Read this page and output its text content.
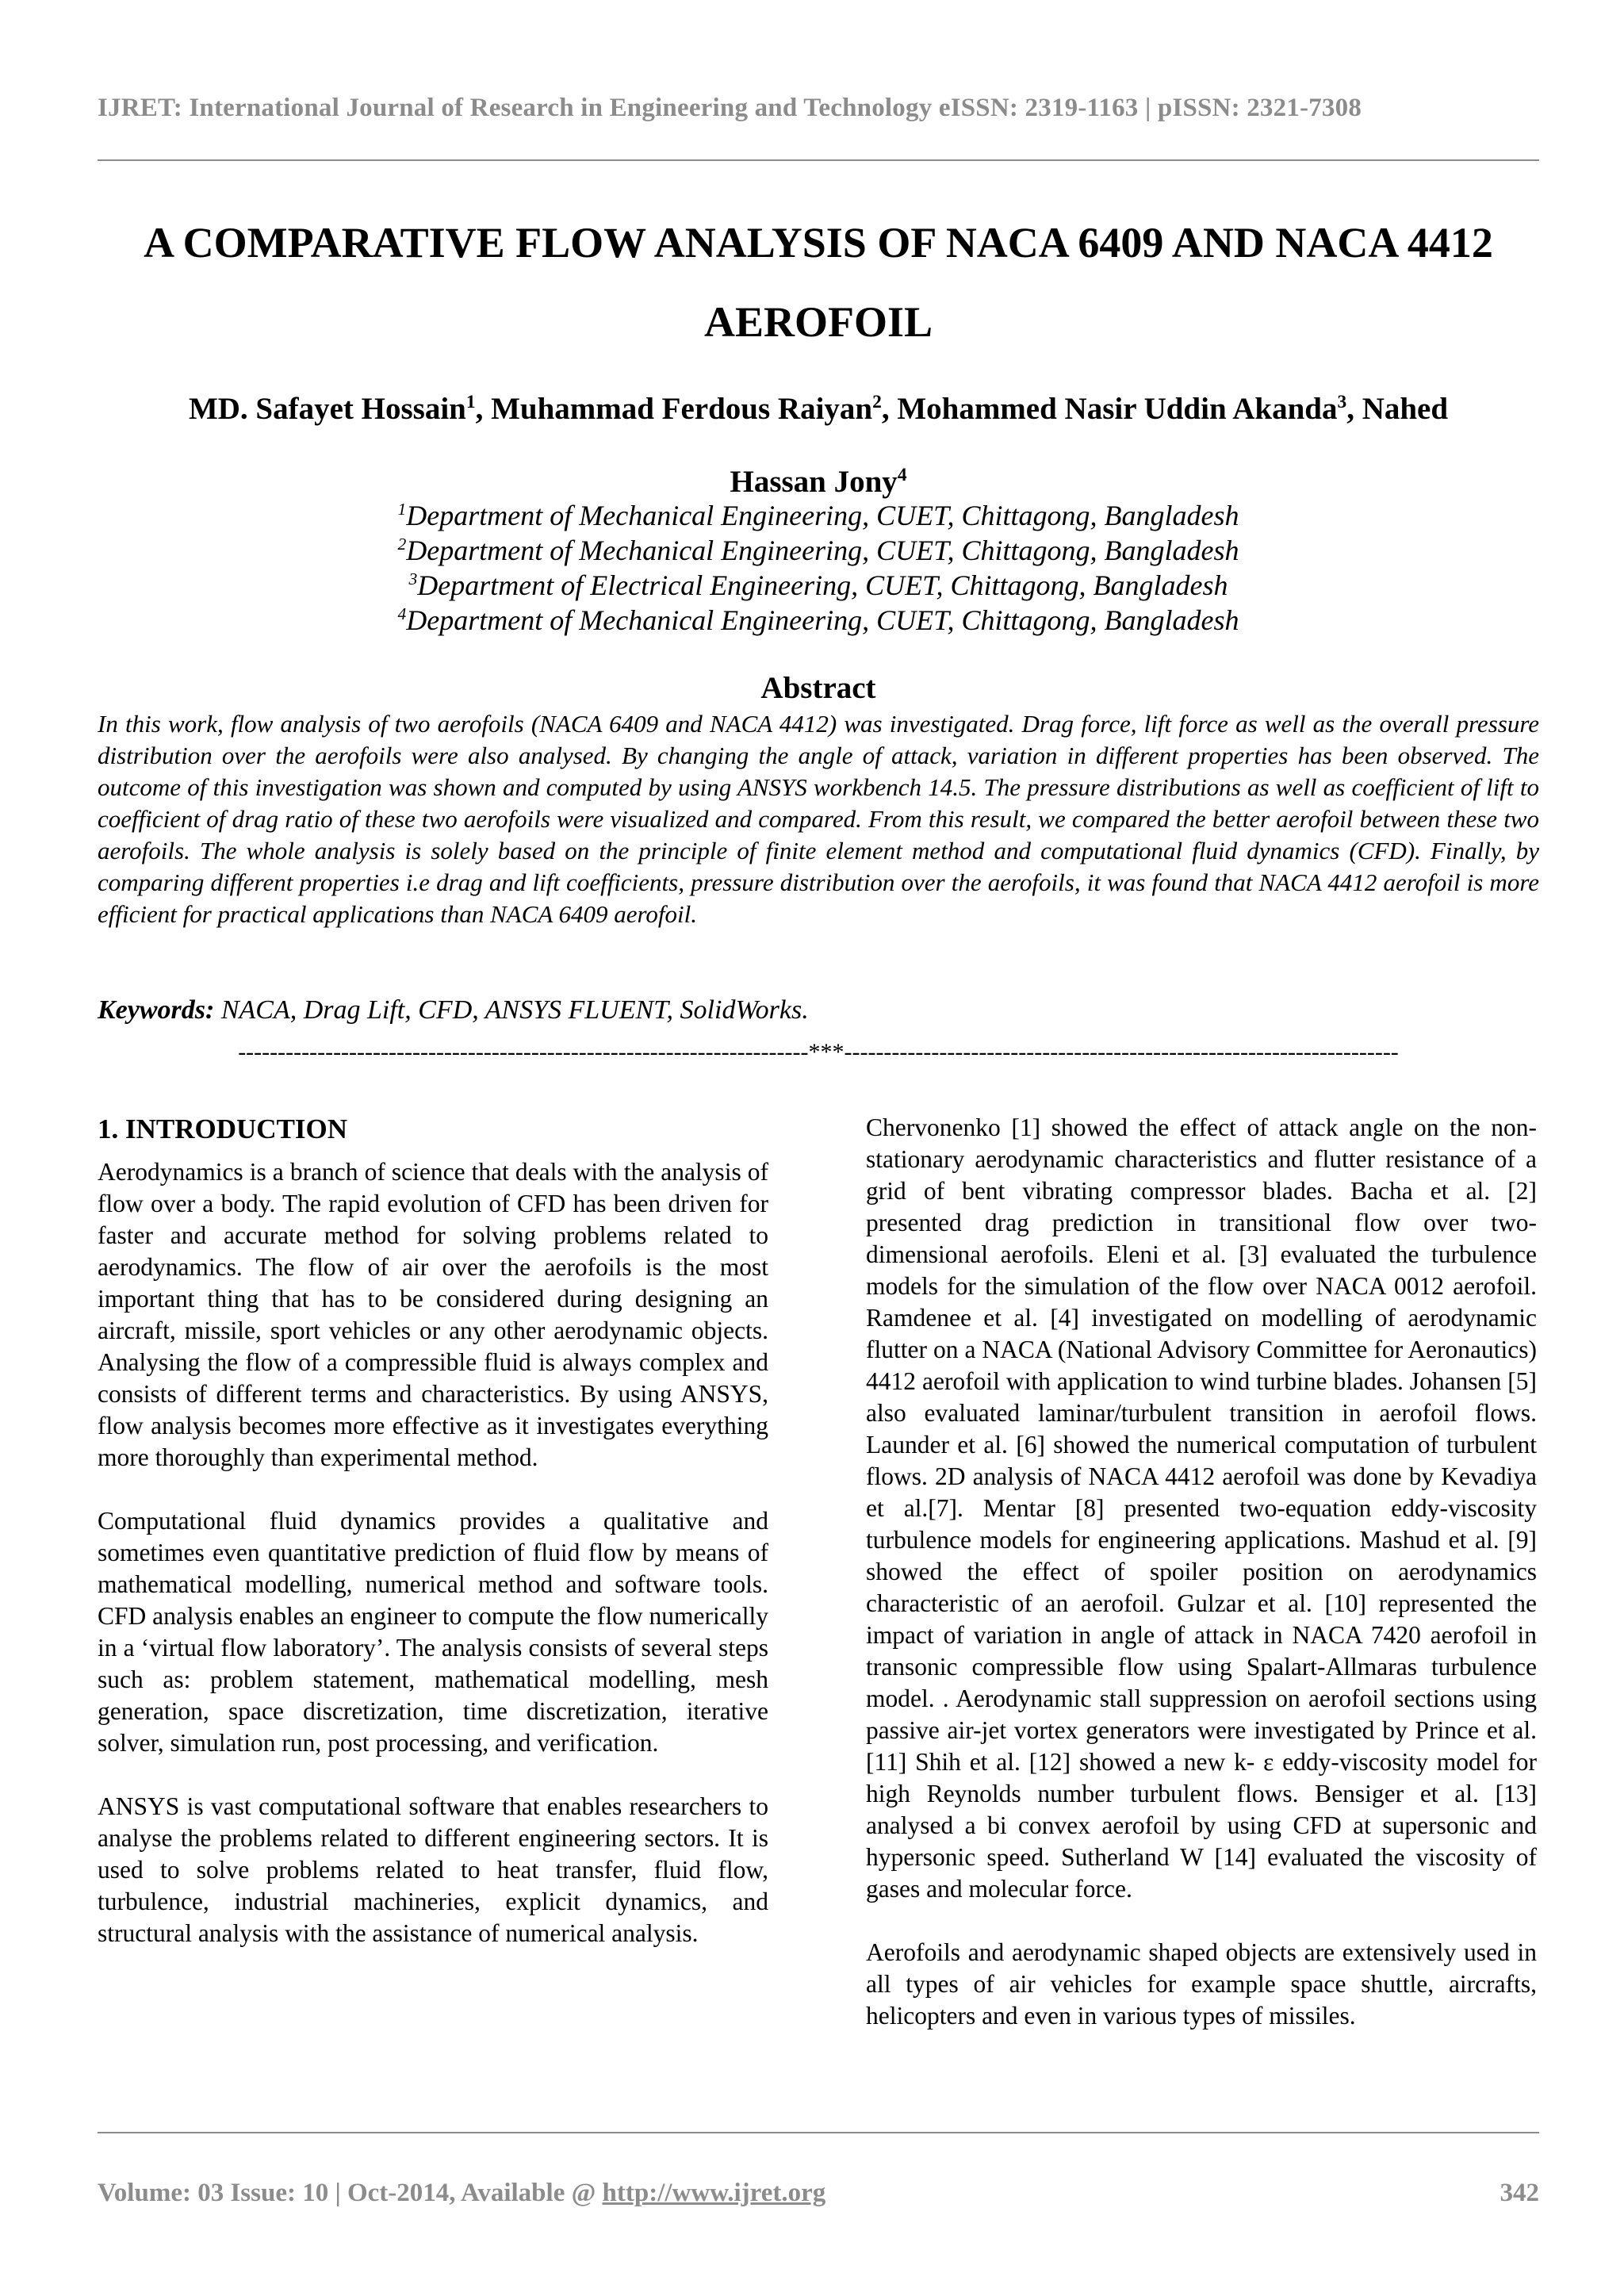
IJRET: International Journal of Research in Engineering and Technology eISSN: 2319-1163 | pISSN: 2321-7308
A COMPARATIVE FLOW ANALYSIS OF NACA 6409 AND NACA 4412
AEROFOIL
MD. Safayet Hossain$^1$, Muhammad Ferdous Raiyan$^2$, Mohammed Nasir Uddin Akanda$^3$, Nahed
Hassan Jony$^4$
$^1$Department of Mechanical Engineering, CUET, Chittagong, Bangladesh
$^2$Department of Mechanical Engineering, CUET, Chittagong, Bangladesh
$^3$Department of Electrical Engineering, CUET, Chittagong, Bangladesh
$^4$Department of Mechanical Engineering, CUET, Chittagong, Bangladesh
Abstract
In this work, flow analysis of two aerofoils (NACA 6409 and NACA 4412) was investigated. Drag force, lift force as well as the overall pressure distribution over the aerofoils were also analysed. By changing the angle of attack, variation in different properties has been observed. The outcome of this investigation was shown and computed by using ANSYS workbench 14.5. The pressure distributions as well as coefficient of lift to coefficient of drag ratio of these two aerofoils were visualized and compared. From this result, we compared the better aerofoil between these two aerofoils. The whole analysis is solely based on the principle of finite element method and computational fluid dynamics (CFD). Finally, by comparing different properties i.e drag and lift coefficients, pressure distribution over the aerofoils, it was found that NACA 4412 aerofoil is more efficient for practical applications than NACA 6409 aerofoil.
Keywords: NACA, Drag Lift, CFD, ANSYS FLUENT, SolidWorks.
------------------------------------------------------------------------***----------------------------------------------------------------------

1. INTRODUCTION

Aerodynamics is a branch of science that deals with the analysis of flow over a body. The rapid evolution of CFD has been driven for faster and accurate method for solving problems related to aerodynamics. The flow of air over the aerofoils is the most important thing that has to be considered during designing an aircraft, missile, sport vehicles or any other aerodynamic objects. Analysing the flow of a compressible fluid is always complex and consists of different terms and characteristics. By using ANSYS, flow analysis becomes more effective as it investigates everything more thoroughly than experimental method.

Computational fluid dynamics provides a qualitative and sometimes even quantitative prediction of fluid flow by means of mathematical modelling, numerical method and software tools. CFD analysis enables an engineer to compute the flow numerically in a ‘virtual flow laboratory’. The analysis consists of several steps such as: problem statement, mathematical modelling, mesh generation, space discretization, time discretization, iterative solver, simulation run, post processing, and verification.

ANSYS is vast computational software that enables researchers to analyse the problems related to different engineering sectors. It is used to solve problems related to heat transfer, fluid flow, turbulence, industrial machineries, explicit dynamics, and structural analysis with the assistance of numerical analysis.

Chervonenko [1] showed the effect of attack angle on the non-stationary aerodynamic characteristics and flutter resistance of a grid of bent vibrating compressor blades. Bacha et al. [2] presented drag prediction in transitional flow over two-dimensional aerofoils. Eleni et al. [3] evaluated the turbulence models for the simulation of the flow over NACA 0012 aerofoil. Ramdenee et al. [4] investigated on modelling of aerodynamic flutter on a NACA (National Advisory Committee for Aeronautics) 4412 aerofoil with application to wind turbine blades. Johansen [5] also evaluated laminar/turbulent transition in aerofoil flows. Launder et al. [6] showed the numerical computation of turbulent flows. 2D analysis of NACA 4412 aerofoil was done by Kevadiya et al.[7]. Mentar [8] presented two-equation eddy-viscosity turbulence models for engineering applications. Mashud et al. [9] showed the effect of spoiler position on aerodynamics characteristic of an aerofoil. Gulzar et al. [10] represented the impact of variation in angle of attack in NACA 7420 aerofoil in transonic compressible flow using Spalart-Allmaras turbulence model. . Aerodynamic stall suppression on aerofoil sections using passive air-jet vortex generators were investigated by Prince et al. [11] Shih et al. [12] showed a new k- ε eddy-viscosity model for high Reynolds number turbulent flows. Bensiger et al. [13] analysed a bi convex aerofoil by using CFD at supersonic and hypersonic speed. Sutherland W [14] evaluated the viscosity of gases and molecular force.

Aerofoils and aerodynamic shaped objects are extensively used in all types of air vehicles for example space shuttle, aircrafts, helicopters and even in various types of missiles.

Volume: 03 Issue: 10 | Oct-2014, Available @ http://www.ijret.org	342
